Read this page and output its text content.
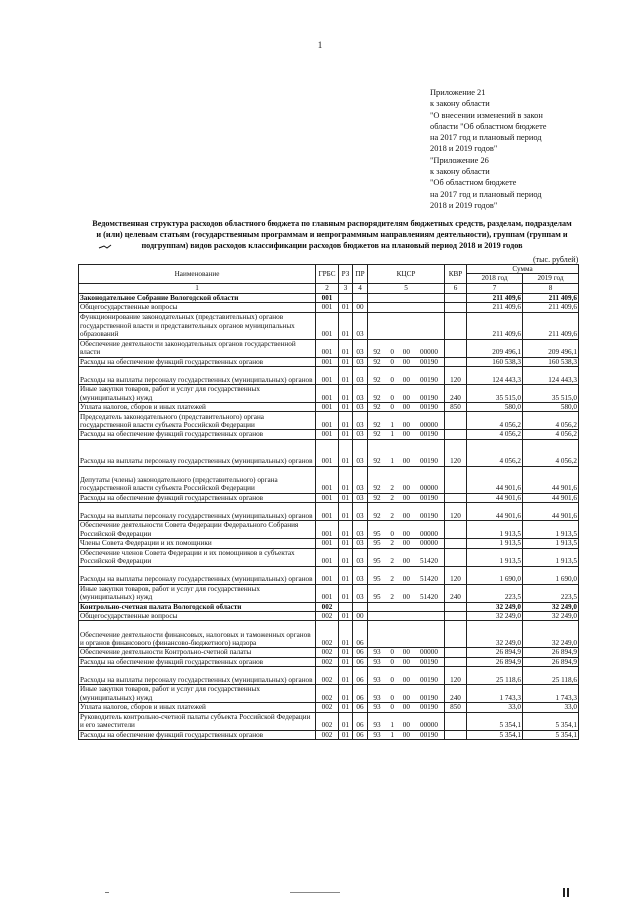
1
Приложение 21
к закону области
"О внесении изменений в закон
области "Об областном бюджете
на 2017 год и плановый период
2018 и 2019 годов"
"Приложение 26
к закону области
"Об областном бюджете
на 2017 год и плановый период
2018 и 2019 годов"
Ведомственная структура расходов областного бюджета по главным распорядителям бюджетных средств, разделам, подразделам
и (или) целевым статьям (государственным программам и непрограммным направлениям деятельности), группам (группам и
подгруппам) видов расходов классификации расходов бюджетов на плановый период 2018 и 2019 годов
(тыс. рублей)
Наименование	ГРБС	РЗ	ПР	КЦСР	КВР	Сумма	
						2018 год	2019 год
1	2	3	4	5	6	7	8
Законодательное Собрание Вологодской области	001					211 409,6	211 409,6
Общегосударственные вопросы	001	01	00			211 409,6	211 409,6
Функционирование законодательных (представительных) органов государственной власти и представительных органов муниципальных образований	001	01	03			211 409,6	211 409,6
Обеспечение деятельности законодательных органов государственной власти	001	01	03	92 0 00 00000		209 496,1	209 496,1
Расходы на обеспечение функций государственных органов	001	01	03	92 0 00 00190		160 538,3	160 538,3
Расходы на выплаты персоналу государственных (муниципальных) органов	001	01	03	92 0 00 00190	120	124 443,3	124 443,3
Иные закупки товаров, работ и услуг для государственных (муниципальных) нужд	001	01	03	92 0 00 00190	240	35 515,0	35 515,0
Уплата налогов, сборов и иных платежей	001	01	03	92 0 00 00190	850	580,0	580,0
Председатель законодательного (представительного) органа государственной власти субъекта Российской Федерации	001	01	03	92 1 00 00000		4 056,2	4 056,2
Расходы на обеспечение функций государственных органов	001	01	03	92 1 00 00190		4 056,2	4 056,2
Расходы на выплаты персоналу государственных (муниципальных) органов	001	01	03	92 1 00 00190	120	4 056,2	4 056,2
Депутаты (члены) законодательного (представительного) органа государственной власти субъекта Российской Федерации	001	01	03	92 2 00 00000		44 901,6	44 901,6
Расходы на обеспечение функций государственных органов	001	01	03	92 2 00 00190		44 901,6	44 901,6
Расходы на выплаты персоналу государственных (муниципальных) органов	001	01	03	92 2 00 00190	120	44 901,6	44 901,6
Обеспечение деятельности Совета Федерации Федерального Собрания Российской Федерации	001	01	03	95 0 00 00000		1 913,5	1 913,5
Члены Совета Федерации и их помощники	001	01	03	95 2 00 00000		1 913,5	1 913,5
Обеспечение членов Совета Федерации и их помощников в субъектах Российской Федерации	001	01	03	95 2 00 51420		1 913,5	1 913,5
Расходы на выплаты персоналу государственных (муниципальных) органов	001	01	03	95 2 00 51420	120	1 690,0	1 690,0
Иные закупки товаров, работ и услуг для государственных (муниципальных) нужд	001	01	03	95 2 00 51420	240	223,5	223,5
Контрольно-счетная палата Вологодской области	002					32 249,0	32 249,0
Общегосударственные вопросы	002	01	00			32 249,0	32 249,0
Обеспечение деятельности финансовых, налоговых и таможенных органов и органов финансового (финансово-бюджетного) надзора	002	01	06			32 249,0	32 249,0
Обеспечение деятельности Контрольно-счетной палаты	002	01	06	93 0 00 00000		26 894,9	26 894,9
Расходы на обеспечение функций государственных органов	002	01	06	93 0 00 00190		26 894,9	26 894,9
Расходы на выплаты персоналу государственных (муниципальных) органов	002	01	06	93 0 00 00190	120	25 118,6	25 118,6
Иные закупки товаров, работ и услуг для государственных (муниципальных) нужд	002	01	06	93 0 00 00190	240	1 743,3	1 743,3
Уплата налогов, сборов и иных платежей	002	01	06	93 0 00 00190	850	33,0	33,0
Руководитель контрольно-счетной палаты субъекта Российской Федерации и его заместители	002	01	06	93 1 00 00000		5 354,1	5 354,1
Расходы на обеспечение функций государственных органов	002	01	06	93 1 00 00190		5 354,1	5 354,1
